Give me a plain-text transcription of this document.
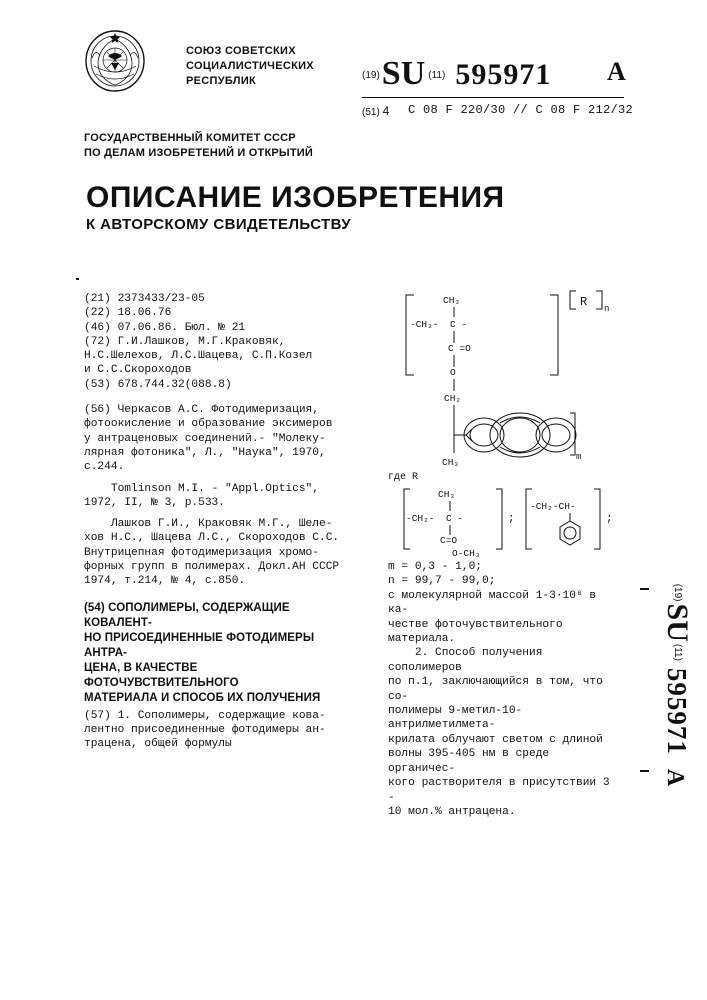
СОЮЗ СОВЕТСКИХ
СОЦИАЛИСТИЧЕСКИХ
РЕСПУБЛИК	(19) SU (11) 595971 A
(51) 4 C 08 F 220/30 // C 08 F 212/32
ГОСУДАРСТВЕННЫЙ КОМИТЕТ СССР
ПО ДЕЛАМ ИЗОБРЕТЕНИЙ И ОТКРЫТИЙ
ОПИСАНИЕ ИЗОБРЕТЕНИЯ
К АВТОРСКОМУ СВИДЕТЕЛЬСТВУ

(21) 2373433/23-05

(22) 18.06.76

(46) 07.06.86. Бюл. № 21

(72) Г.И.Лашков, М.Г.Краковяк, Н.С.Шелехов, Л.С.Шацева, С.П.Козел
и С.С.Скороходов

(53) 678.744.32(088.8)

(56) Черкасов А.С. Фотодимеризация,
фотоокисление и образование эксимеров
у антраценовых соединений.- "Молеку-
лярная фотоника", Л., "Наука", 1970,
с.244.

Tomlinson M.I. - "Appl.Optics",
1972, II, № 3, р.533.

Лашков Г.И., Краковяк М.Г., Шеле-
хов Н.С., Шацева Л.С., Скороходов С.С.
Внутрицепная фотодимеризация хромо-
форных групп в полимерах. Докл.АН СССР
1974, т.214, № 4, с.850.

(54) СОПОЛИМЕРЫ, СОДЕРЖАЩИЕ КОВАЛЕНТ-
НО ПРИСОЕДИНЕННЫЕ ФОТОДИМЕРЫ АНТРА-
ЦЕНА, В КАЧЕСТВЕ ФОТОЧУВСТВИТЕЛЬНОГО
МАТЕРИАЛА И СПОСОБ ИХ ПОЛУЧЕНИЯ

(57) 1. Сополимеры, содержащие кова-
лентно присоединенные фотодимеры ан-
трацена, общей формулы

R n
CH₃
-CH₂- C -
C =O
O
CH₂
CH₃	m
где R
CH₃
-CH₂- C -
C=O
;
-CH₂-CH-
;
O-CH₃

m = 0,3 - 1,0;

n = 99,7 - 99,0;

с молекулярной массой 1-3·10⁶ в ка-
честве фоточувствительного материала.

2. Способ получения сополимеров
по п.1, заключающийся в том, что со-
полимеры 9-метил-10-антрилметилмета-
крилата облучают светом с длиной
волны 395-405 нм в среде органичес-
кого растворителя в присутствии 3 -
10 мол.% антрацена.

(19)
SU
(11)
595971
A
